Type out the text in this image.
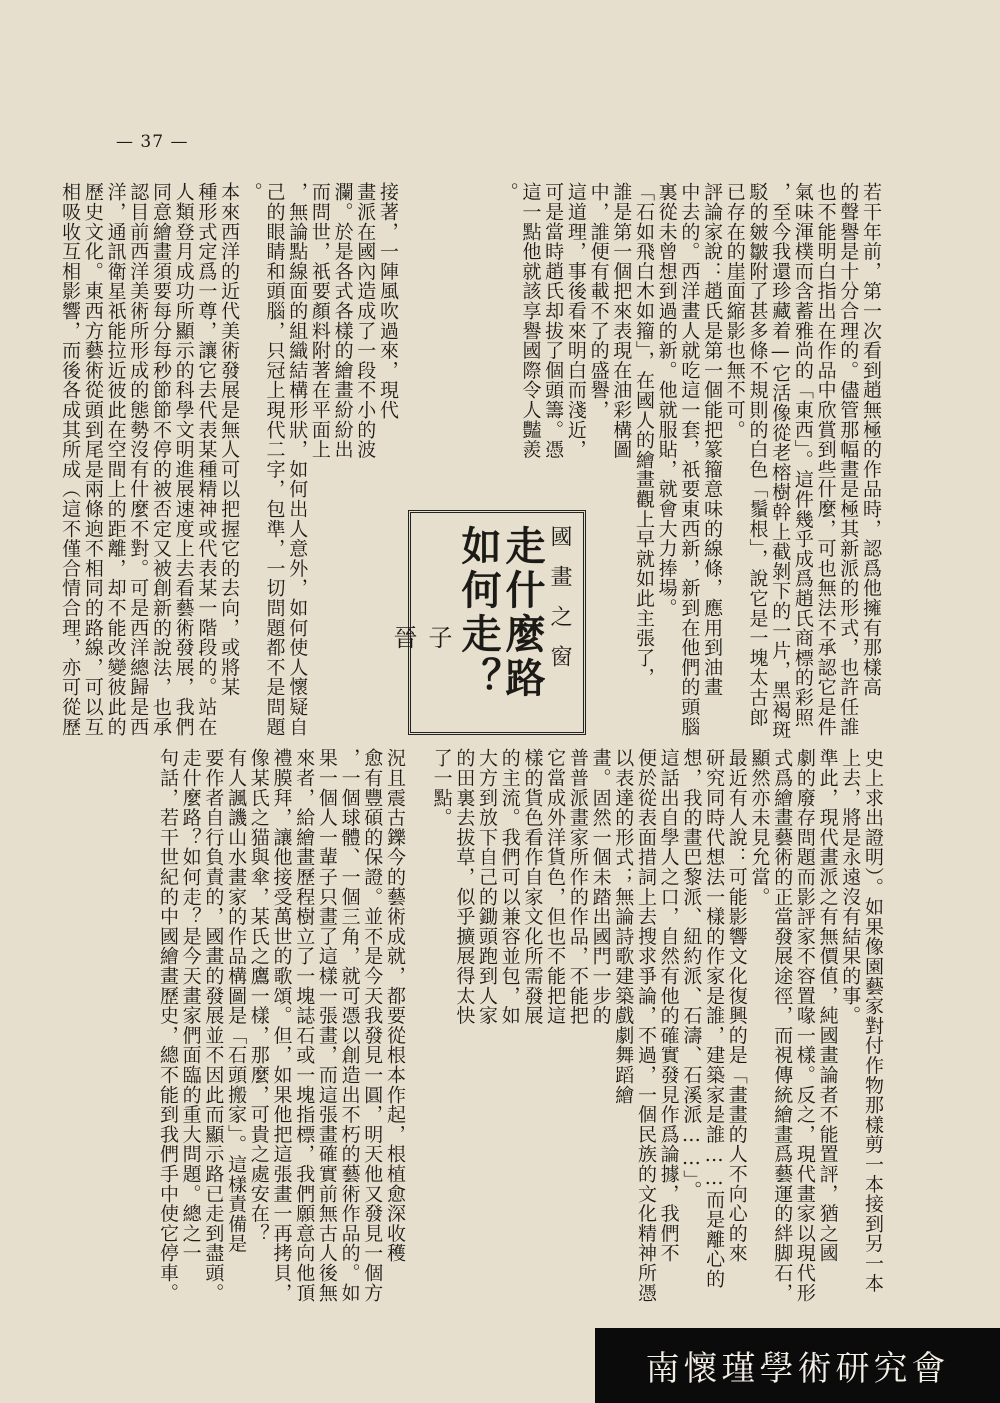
— 37 —
接著，一陣風吹過來，現代
畫派在國內造成了一段不小的波
瀾。於是各式各樣的繪畫紛紛出
而問世，祇要顏料附著在平面上
，無論點線面的組織結構形狀，如何出人意外，如何使人懷疑自
己的眼睛和頭腦，只冠上現代二字，包準，一切問題都不是問題
。
本來西洋的近代美術發展是無人可以把握它的去向，或將某
種形式定爲一尊，讓它去代表某種精神或代表某一階段的。站在
人類登月成功所顯示的科學文明進展速度上去看藝術發展，我們
同意繪畫須要每分每秒節節不停的被否定又被創新的說法，也承
認目前西洋美術所形成的態勢沒有什麼不對。可是西洋總歸是西
洋，通訊衛星祇能拉近彼此在空間上的距離，却不能改變彼此的
歷史文化。東西方藝術從頭到尾是兩條逈不相同的路線，可以互
相吸收互相影響，而後各成其所成（這不僅合情合理，亦可從歷	若干年前，第一次看到趙無極的作品時，認爲他擁有那樣高
的聲譽是十分合理的。儘管那幅畫是極其新派的形式，也許任誰
也不能明白指出在作品中欣賞到些什麼，可也無法不承認它是件
氣味渾樸而含蓄雅尚的「東西」。這件幾乎成爲趙氏商標的彩照
，至今我還珍藏着—它活像從老榕樹幹上截剝下的一片，黑褐斑
駁的皴皺附了甚多條不規則的白色「鬚根」，說它是一塊太古郎
已存在的崖面縮影也無不可。
評論家說：趙氏是第一個能把篆籀意味的線條，應用到油畫
中去的。西洋畫人就吃這一套，祇要東西新，新到在他們的頭腦
裏從未曾想到過的新。他就服貼，就會大力捧場。
「石如飛白木如籀」，在國人的繪畫觀上早就如此主張了，
誰是第一個把來表現在油彩構圖
中，誰便有載不了的盛譽，
這道理，事後看來明白而淺近，
可是當時趙氏却拔了個頭籌。憑
這一點他就該享譽國際令人豔羨
。
國畫之窗
走什麼路如何走？
子晉
況且震古鑠今的藝術成就，都要從根本作起，根植愈深收穫
愈有豐碩的保證。並不是今天我發見一圓，明天他又發見一個方
，一個球體、一個三角，就可憑以創造出不朽的藝術作品的。如
果一個人一輩子只畫了這樣一張畫，而這張畫確實前無古人後無
來者，給繪畫歷程樹立了一塊誌石或一塊指標，我們願意向他頂
禮膜拜，讓他接受萬世的歌頌。但，如果他把這張畫一再拷貝，
像某氏之猫與傘，某氏之鷹一樣，那麼，可貴之處安在？
有人諷譏山水畫家的作品構圖是「石頭搬家」。這樣責備是
要作者自行負責的，國畫的發展並不因此而顯示路已走到盡頭。
走什麼路？如何走？是今天畫家們面臨的重大問題。總之一
句話，若干世紀的中國繪畫歷史，總不能到我們手中使它停車。	史上求出證明）。如果像園藝家對付作物那樣剪一本接到另一本
上去，將是永遠沒有結果的事。
準此，現代畫派之有無價值，純國畫論者不能置評，猶之國
劇的廢存問題而影評家不容置喙一樣。反之，現代畫家以現代形
式爲繪畫藝術的正當發展途徑，而視傳統繪畫爲藝運的絆脚石，
顯然亦未見允當。
最近有人說：可能影響文化復興的是「畫畫的人不向心的來
研究同時代想法一樣的作家是誰，建築家是誰……而是離心的
想，我的畫巴黎派、紐約派、石濤、石溪派……」。
這話出自學人之口，自然有他的確實發見作爲論據，我們不
便於從表面措詞上去搜求爭論，不過，一個民族的文化精神所憑
以表達的形式；無論詩歌建築戲劇舞蹈繪
畫。固然一個未踏出國門一步的
普普派畫家所作的作品，不能把
它當成外洋貨色，但也不能把這
樣的貨色看作自家文化所需發展
的主流。我們可以兼容並包，如
大方到放下自己的鋤頭跑到人家
的田裏去拔草，似乎擴展得太快
了一點。
南懷瑾學術研究會
